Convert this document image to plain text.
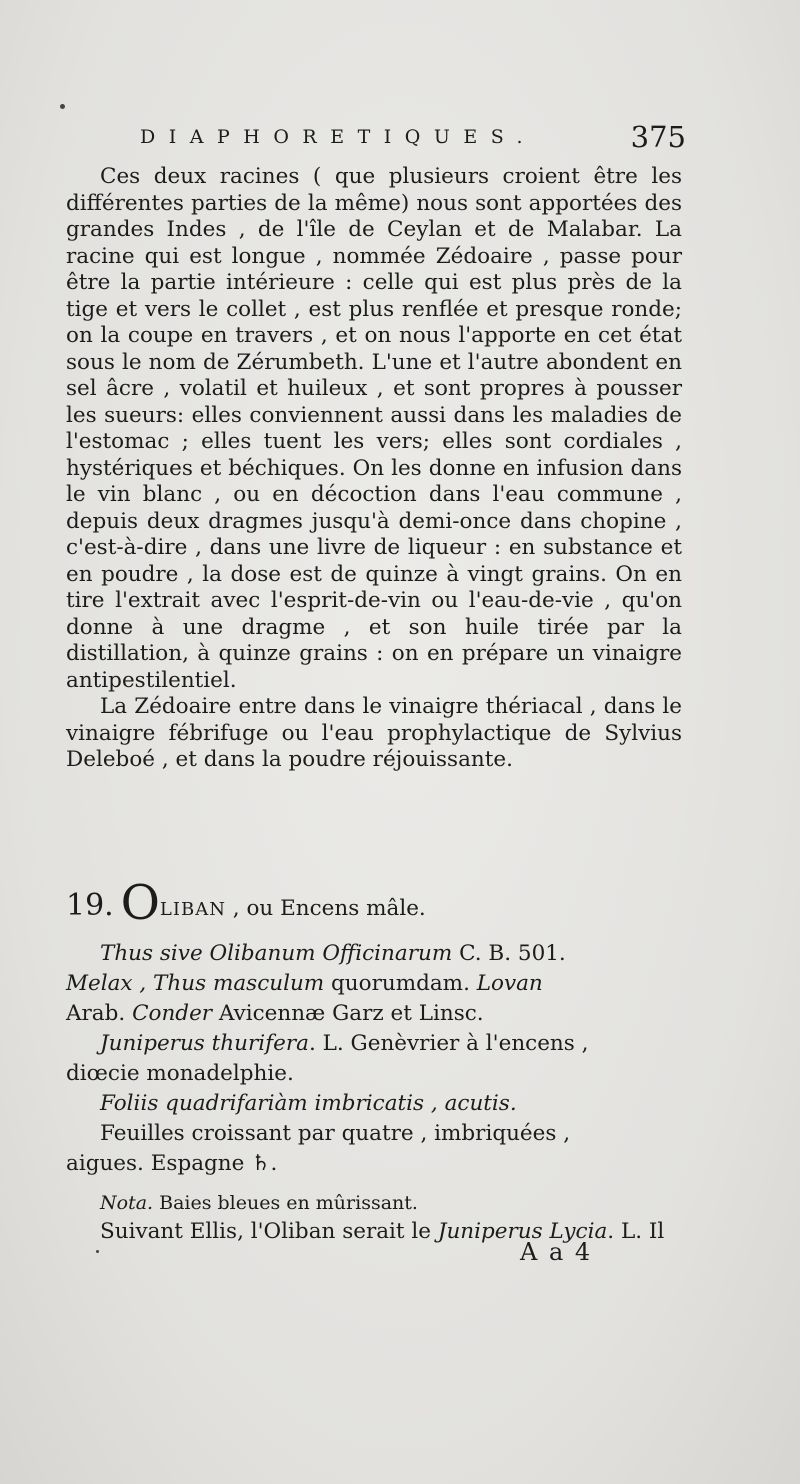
DIAPHORETIQUES.	375

Ces deux racines ( que plusieurs croient être les différentes parties de la même) nous sont apportées des grandes Indes , de l'île de Ceylan et de Malabar. La racine qui est longue , nommée Zédoaire , passe pour être la partie intérieure : celle qui est plus près de la tige et vers le collet , est plus renflée et presque ronde; on la coupe en travers , et on nous l'apporte en cet état sous le nom de Zérumbeth. L'une et l'autre abondent en sel âcre , volatil et huileux , et sont propres à pousser les sueurs: elles conviennent aussi dans les maladies de l'estomac ; elles tuent les vers; elles sont cordiales , hystériques et béchiques. On les donne en infusion dans le vin blanc , ou en décoction dans l'eau commune , depuis deux dragmes jusqu'à demi-once dans chopine , c'est-à-dire , dans une livre de liqueur : en substance et en poudre , la dose est de quinze à vingt grains. On en tire l'extrait avec l'esprit-de-vin ou l'eau-de-vie , qu'on donne à une dragme , et son huile tirée par la distillation, à quinze grains : on en prépare un vinaigre antipestilentiel.

La Zédoaire entre dans le vinaigre thériacal , dans le vinaigre fébrifuge ou l'eau prophylactique de Sylvius Deleboé , et dans la poudre réjouissante.

19. OLIBAN , ou Encens mâle.

Thus sive Olibanum Officinarum C. B. 501.

Melax , Thus masculum quorumdam. Lovan

Arab. Conder Avicennæ Garz et Linsc.

Juniperus thurifera. L. Genèvrier à l'encens ,

diœcie monadelphie.

Foliis quadrifariàm imbricatis , acutis.

Feuilles croissant par quatre , imbriquées ,

aigues. Espagne ♄.

Nota. Baies bleues en mûrissant.

Suivant Ellis, l'Oliban serait le Juniperus Lycia. L. Il

A a 4
